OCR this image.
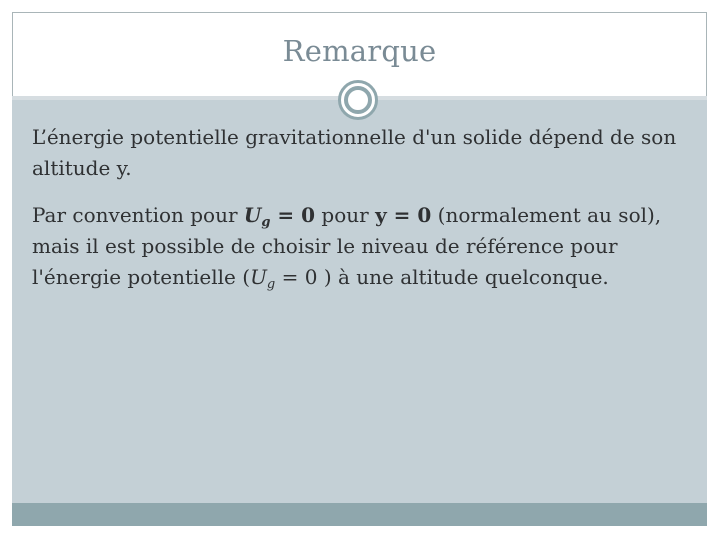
Remarque

L’énergie potentielle gravitationnelle d'un solide dépend de son altitude y.

Par convention pour $U_g = 0$ pour y = 0 (normalement au sol), mais il est possible de choisir le niveau de référence pour l'énergie potentielle ($U_g = 0$ ) à une altitude quelconque.
